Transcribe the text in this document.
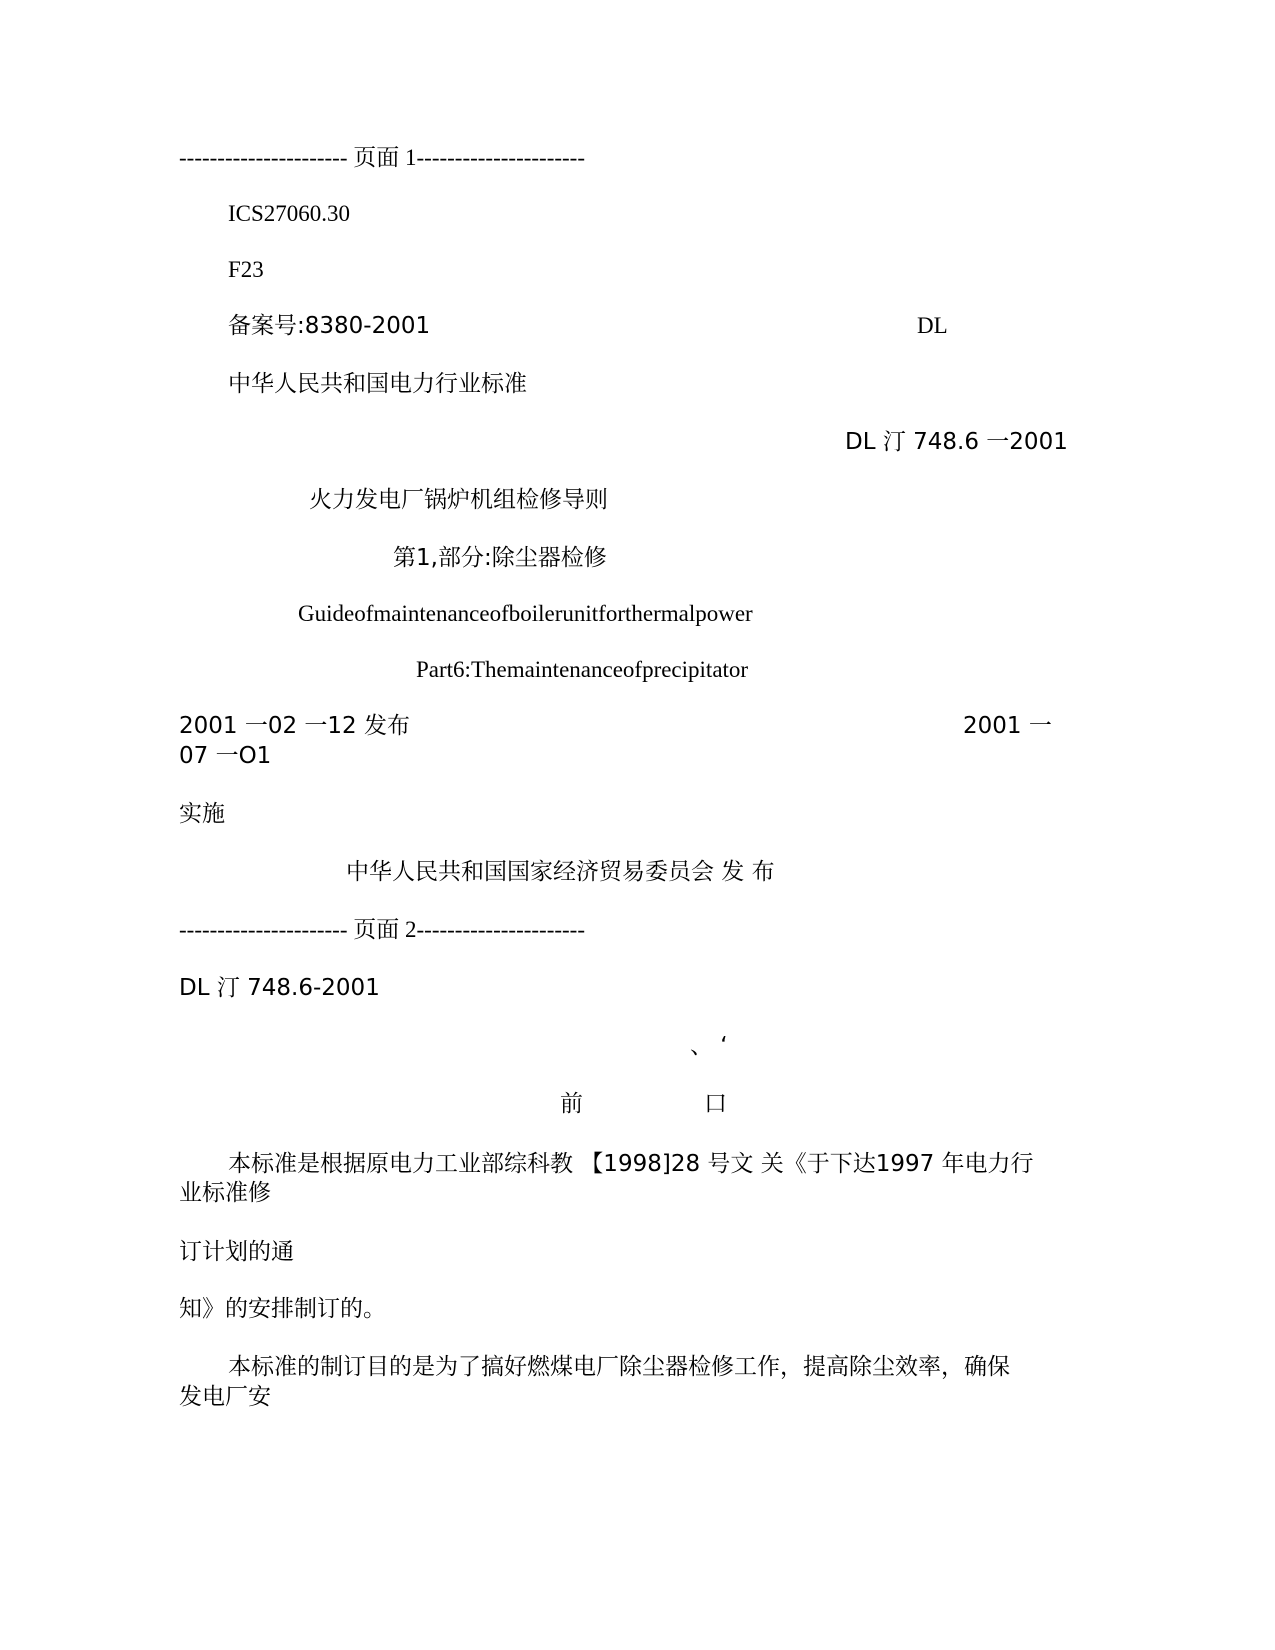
---------------------- 页面 1----------------------
ICS27060.30
F23
备案号:8380-2001	DL
中华人民共和国电力行业标准
DL 汀 748.6 一2001
火力发电厂锅炉机组检修导则
第1,部分:除尘器检修
Guideofmaintenanceofboilerunitforthermalpower
Part6:Themaintenanceofprecipitator
2001 一02 一12 发布	2001 一
07 一O1
实施
中华人民共和国国家经济贸易委员会 发 布
---------------------- 页面 2----------------------
DL 汀 748.6-2001
、 ‘
前	口
本标准是根据原电力工业部综科教 【1998]28 号文 关《于下达1997 年电力行
业标准修
订计划的通
知》的安排制订的。
本标准的制订目的是为了搞好燃煤电厂除尘器检修工作，提高除尘效率，确保
发电厂安
